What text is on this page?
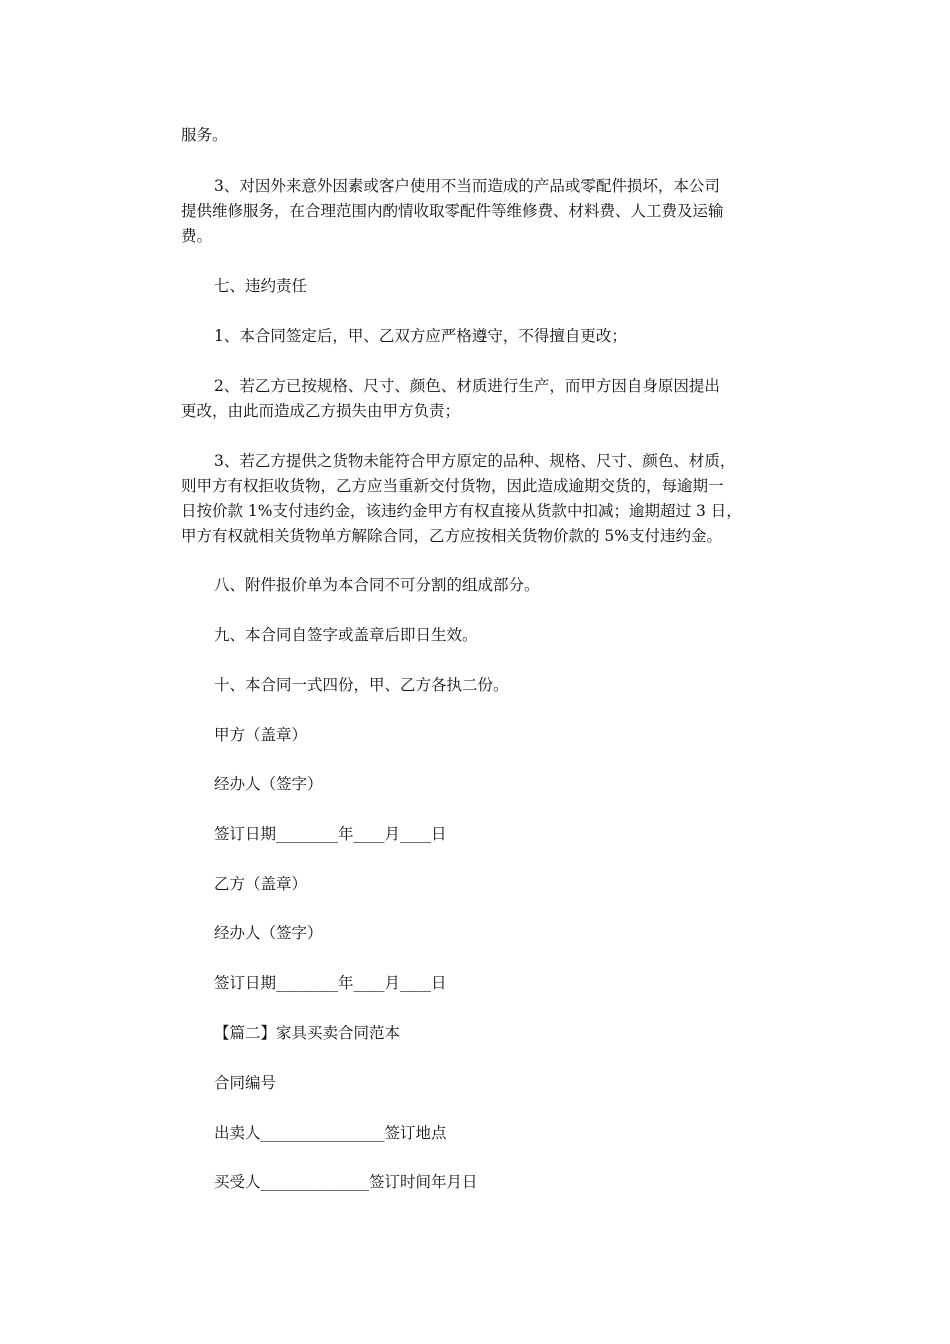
服务。
3、对因外来意外因素或客户使用不当而造成的产品或零配件损坏，本公司
提供维修服务，在合理范围内酌情收取零配件等维修费、材料费、人工费及运输
费。
七、违约责任
1、本合同签定后，甲、乙双方应严格遵守，不得擅自更改；
2、若乙方已按规格、尺寸、颜色、材质进行生产，而甲方因自身原因提出
更改，由此而造成乙方损失由甲方负责；
3、若乙方提供之货物未能符合甲方原定的品种、规格、尺寸、颜色、材质，
则甲方有权拒收货物，乙方应当重新交付货物，因此造成逾期交货的，每逾期一
日按价款 1%支付违约金，该违约金甲方有权直接从货款中扣减；逾期超过 3 日，
甲方有权就相关货物单方解除合同，乙方应按相关货物价款的 5%支付违约金。
八、附件报价单为本合同不可分割的组成部分。
九、本合同自签字或盖章后即日生效。
十、本合同一式四份，甲、乙方各执二份。
甲方（盖章）
经办人（签字）
签订日期________年____月____日
乙方（盖章）
经办人（签字）
签订日期________年____月____日
【篇二】家具买卖合同范本
合同编号
出卖人________________签订地点
买受人______________签订时间年月日
